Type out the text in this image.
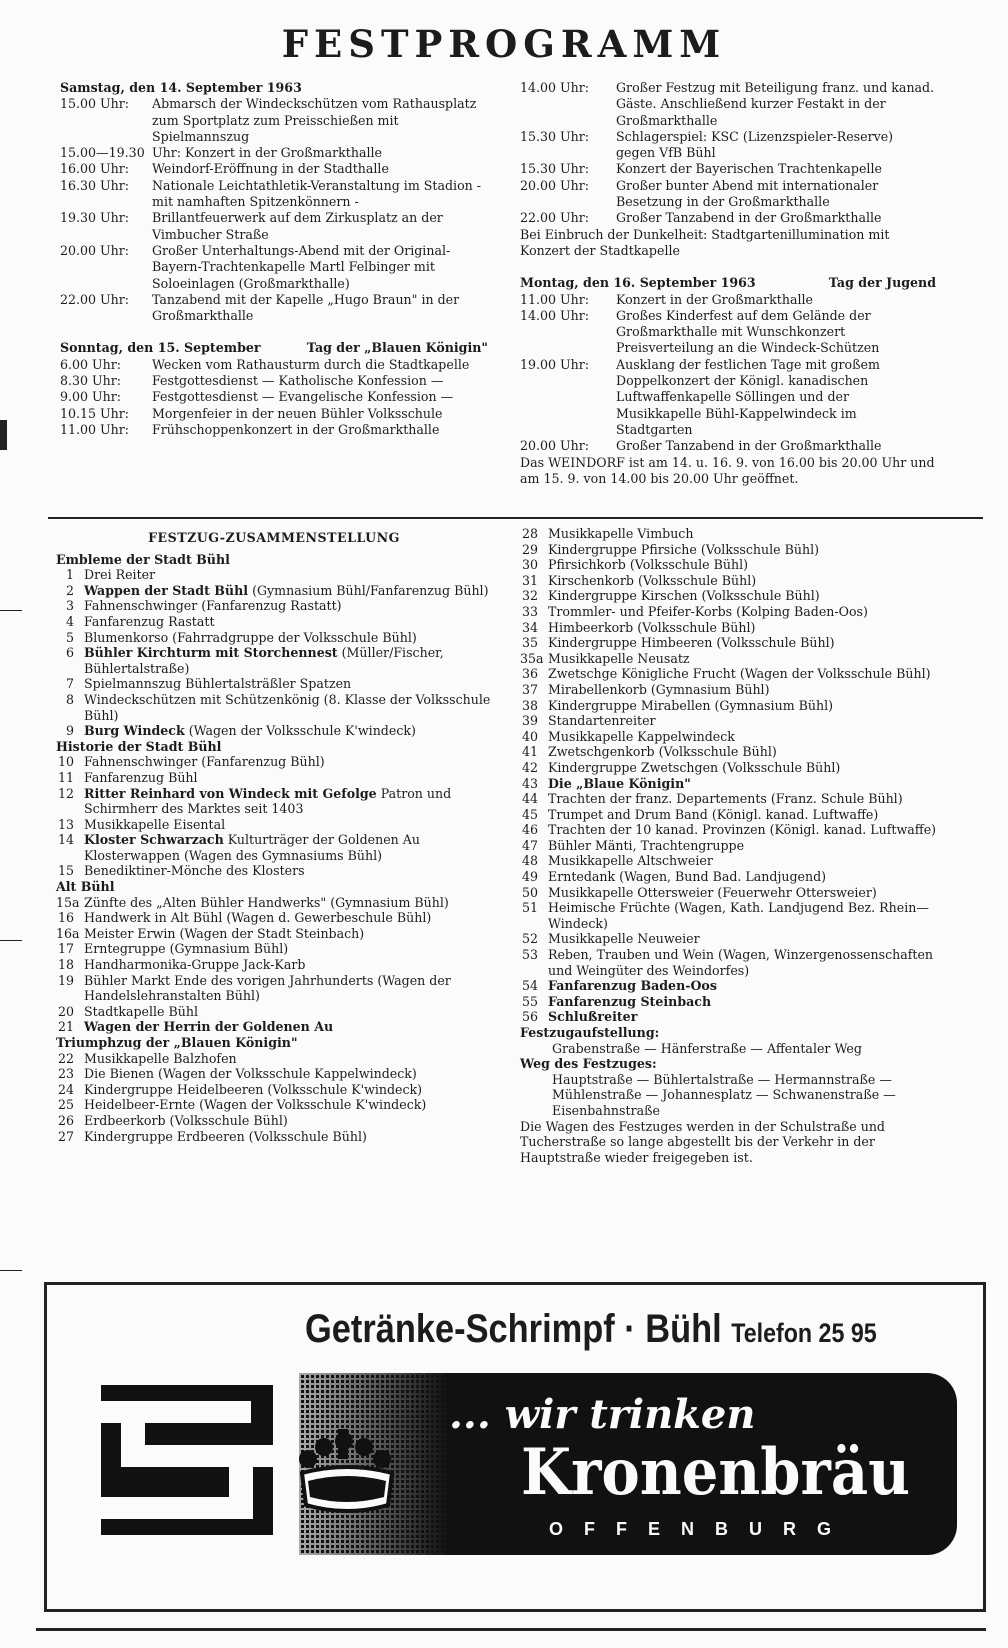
FESTPROGRAMM
Samstag, den 14. September 1963
15.00 Uhr:	Abmarsch der Windeckschützen vom Rathausplatz zum Sportplatz zum Preisschießen mit Spielmannszug
15.00—19.30 Uhr: Konzert in der Großmarkthalle
16.00 Uhr:	Weindorf-Eröffnung in der Stadthalle
16.30 Uhr:	Nationale Leichtathletik-Veranstaltung im Stadion - mit namhaften Spitzenkönnern -
19.30 Uhr:	Brillantfeuerwerk auf dem Zirkusplatz an der Vimbucher Straße
20.00 Uhr:	Großer Unterhaltungs-Abend mit der Original-Bayern-Trachtenkapelle Martl Felbinger mit Soloeinlagen (Großmarkthalle)
22.00 Uhr:	Tanzabend mit der Kapelle „Hugo Braun" in der Großmarkthalle
Sonntag, den 15. September	Tag der „Blauen Königin"
6.00 Uhr:	Wecken vom Rathausturm durch die Stadtkapelle
8.30 Uhr:	Festgottesdienst — Katholische Konfession —
9.00 Uhr:	Festgottesdienst — Evangelische Konfession —
10.15 Uhr:	Morgenfeier in der neuen Bühler Volksschule
11.00 Uhr:	Frühschoppenkonzert in der Großmarkthalle
14.00 Uhr:	Großer Festzug mit Beteiligung franz. und kanad. Gäste. Anschließend kurzer Festakt in der Großmarkthalle
15.30 Uhr:	Schlagerspiel: KSC (Lizenzspieler-Reserve) gegen VfB Bühl
15.30 Uhr:	Konzert der Bayerischen Trachtenkapelle
20.00 Uhr:	Großer bunter Abend mit internationaler Besetzung in der Großmarkthalle
22.00 Uhr:	Großer Tanzabend in der Großmarkthalle
Bei Einbruch der Dunkelheit: Stadtgartenillumination mit Konzert der Stadtkapelle
Montag, den 16. September 1963	Tag der Jugend
11.00 Uhr:	Konzert in der Großmarkthalle
14.00 Uhr:	Großes Kinderfest auf dem Gelände der Großmarkthalle mit Wunschkonzert Preisverteilung an die Windeck-Schützen
19.00 Uhr:	Ausklang der festlichen Tage mit großem Doppelkonzert der Königl. kanadischen Luftwaffenkapelle Söllingen und der Musikkapelle Bühl-Kappelwindeck im Stadtgarten
20.00 Uhr:	Großer Tanzabend in der Großmarkthalle
Das WEINDORF ist am 14. u. 16. 9. von 16.00 bis 20.00 Uhr und am 15. 9. von 14.00 bis 20.00 Uhr geöffnet.
FESTZUG-ZUSAMMENSTELLUNG
Embleme der Stadt Bühl
1 Drei Reiter
2 Wappen der Stadt Bühl (Gymnasium Bühl/Fanfarenzug Bühl)
3 Fahnenschwinger (Fanfarenzug Rastatt)
4 Fanfarenzug Rastatt
5 Blumenkorso (Fahrradgruppe der Volksschule Bühl)
6 Bühler Kirchturm mit Storchennest (Müller/Fischer, Bühlertalstraße)
7 Spielmannszug Bühlertalsträßler Spatzen
8 Windeckschützen mit Schützenkönig (8. Klasse der Volksschule Bühl)
9 Burg Windeck (Wagen der Volksschule K'windeck)
Historie der Stadt Bühl
10 Fahnenschwinger (Fanfarenzug Bühl)
11 Fanfarenzug Bühl
12 Ritter Reinhard von Windeck mit Gefolge Patron und Schirmherr des Marktes seit 1403
13 Musikkapelle Eisental
14 Kloster Schwarzach Kulturträger der Goldenen Au Klosterwappen (Wagen des Gymnasiums Bühl)
15 Benediktiner-Mönche des Klosters
Alt Bühl
15a Zünfte des „Alten Bühler Handwerks" (Gymnasium Bühl)
16 Handwerk in Alt Bühl (Wagen d. Gewerbeschule Bühl)
16a Meister Erwin (Wagen der Stadt Steinbach)
17 Erntegruppe (Gymnasium Bühl)
18 Handharmonika-Gruppe Jack-Karb
19 Bühler Markt Ende des vorigen Jahrhunderts (Wagen der Handelslehranstalten Bühl)
20 Stadtkapelle Bühl
21 Wagen der Herrin der Goldenen Au
Triumphzug der „Blauen Königin"
22 Musikkapelle Balzhofen
23 Die Bienen (Wagen der Volksschule Kappelwindeck)
24 Kindergruppe Heidelbeeren (Volksschule K'windeck)
25 Heidelbeer-Ernte (Wagen der Volksschule K'windeck)
26 Erdbeerkorb (Volksschule Bühl)
27 Kindergruppe Erdbeeren (Volksschule Bühl)
28 Musikkapelle Vimbuch
29 Kindergruppe Pfirsiche (Volksschule Bühl)
30 Pfirsichkorb (Volksschule Bühl)
31 Kirschenkorb (Volksschule Bühl)
32 Kindergruppe Kirschen (Volksschule Bühl)
33 Trommler- und Pfeifer-Korbs (Kolping Baden-Oos)
34 Himbeerkorb (Volksschule Bühl)
35 Kindergruppe Himbeeren (Volksschule Bühl)
35a Musikkapelle Neusatz
36 Zwetschge Königliche Frucht (Wagen der Volksschule Bühl)
37 Mirabellenkorb (Gymnasium Bühl)
38 Kindergruppe Mirabellen (Gymnasium Bühl)
39 Standartenreiter
40 Musikkapelle Kappelwindeck
41 Zwetschgenkorb (Volksschule Bühl)
42 Kindergruppe Zwetschgen (Volksschule Bühl)
43 Die „Blaue Königin"
44 Trachten der franz. Departements (Franz. Schule Bühl)
45 Trumpet and Drum Band (Königl. kanad. Luftwaffe)
46 Trachten der 10 kanad. Provinzen (Königl. kanad. Luftwaffe)
47 Bühler Mänti, Trachtengruppe
48 Musikkapelle Altschweier
49 Erntedank (Wagen, Bund Bad. Landjugend)
50 Musikkapelle Ottersweier (Feuerwehr Ottersweier)
51 Heimische Früchte (Wagen, Kath. Landjugend Bez. Rhein—Windeck)
52 Musikkapelle Neuweier
53 Reben, Trauben und Wein (Wagen, Winzergenossenschaften und Weingüter des Weindorfes)
54 Fanfarenzug Baden-Oos
55 Fanfarenzug Steinbach
56 Schlußreiter
Festzugaufstellung:
Grabenstraße — Hänferstraße — Affentaler Weg
Weg des Festzuges:
Hauptstraße — Bühlertalstraße — Hermannstraße — Mühlenstraße — Johannesplatz — Schwanenstraße — Eisenbahnstraße
Die Wagen des Festzuges werden in der Schulstraße und Tucherstraße so lange abgestellt bis der Verkehr in der Hauptstraße wieder freigegeben ist.
Getränke-Schrimpf · Bühl Telefon 25 95
... wir trinken
Kronenbräu
OFFENBURG
